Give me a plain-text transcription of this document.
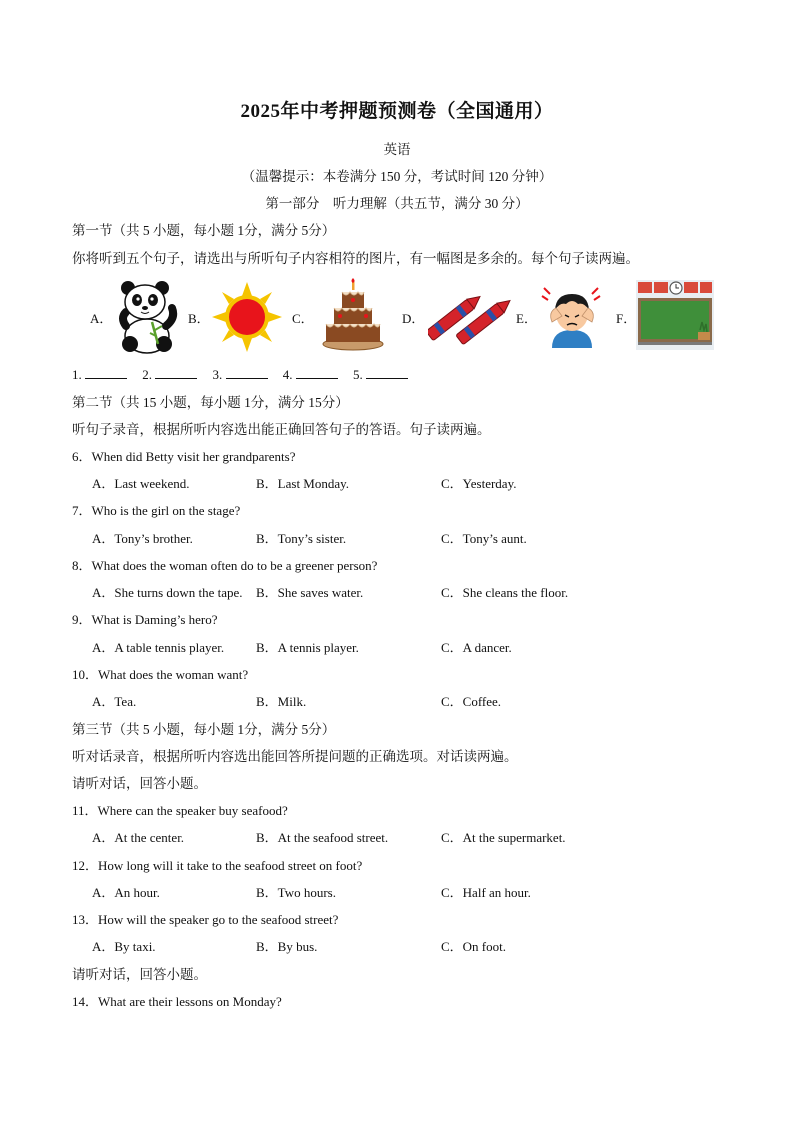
2025年中考押题预测卷（全国通用）
英语
（温馨提示：本卷满分 150 分，考试时间 120 分钟）
第一部分　听力理解（共五节，满分 30 分）
第一节（共 5 小题，每小题 1分，满分 5分）
你将听到五个句子，请选出与所听句子内容相符的图片，有一幅图是多余的。每个句子读两遍。
A．	B．	C．	D．	E．	F．
1.	2.	3.	4.	5.
第二节（共 15 小题，每小题 1分，满分 15分）
听句子录音，根据所听内容选出能正确回答句子的答语。句子读两遍。
6．When did Betty visit her grandparents?
A．Last weekend.	B．Last Monday.	C．Yesterday.
7．Who is the girl on the stage?
A．Tony’s brother.	B．Tony’s sister.	C．Tony’s aunt.
8．What does the woman often do to be a greener person?
A．She turns down the tape. B．She saves water.	C．She cleans the floor.
9．What is Daming’s hero?
A．A table tennis player. B．A tennis player.	C．A dancer.
10．What does the woman want?
A．Tea.	B．Milk.	C．Coffee.
第三节（共 5 小题，每小题 1分，满分 5分）
听对话录音，根据所听内容选出能回答所提问题的正确选项。对话读两遍。
请听对话，回答小题。
11．Where can the speaker buy seafood?
A．At the center.	B．At the seafood street.	C．At the supermarket.
12．How long will it take to the seafood street on foot?
A．An hour.	B．Two hours.	C．Half an hour.
13．How will the speaker go to the seafood street?
A．By taxi.	B．By bus.	C．On foot.
请听对话，回答小题。
14．What are their lessons on Monday?
